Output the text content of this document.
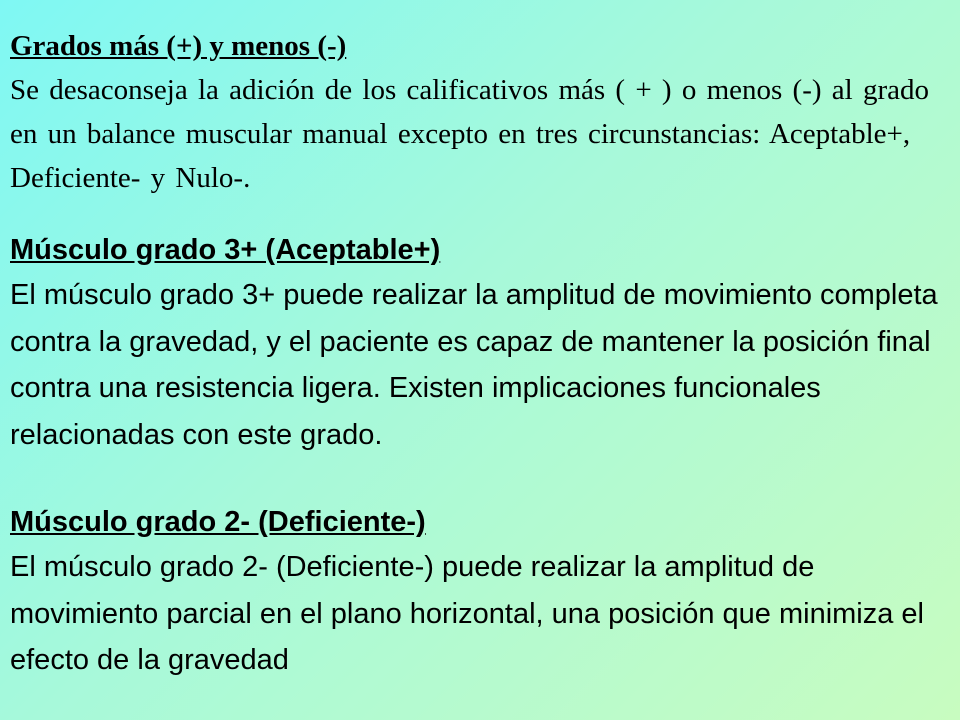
Grados más (+) y menos (-)

Se desaconseja la adición de los calificativos más ( + ) o menos (-) al grado en un balance muscular manual excepto en tres circunstancias: Aceptable+, Deficiente- y Nulo-.

Músculo grado 3+ (Aceptable+)

El músculo grado 3+ puede realizar la amplitud de movimiento completa contra la gravedad, y el paciente es capaz de mantener la posición final contra una resistencia ligera. Existen implicaciones funcionales relacionadas con este grado.

Músculo grado 2- (Deficiente-)

El músculo grado 2- (Deficiente-) puede realizar la amplitud de movimiento parcial en el plano horizontal, una posición que minimiza el efecto de la gravedad
